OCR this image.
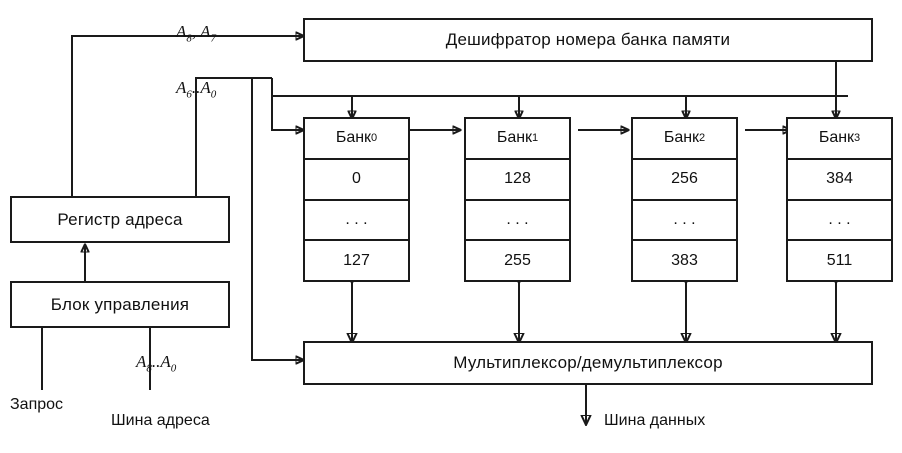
Дешифратор номера банка памяти
Регистр адреса
Блок управления
Мультиплексор/демультиплексор
Банк 0
0
. . .
127
Банк 1
128
. . .
255
Банк 2
256
. . .
383
Банк 3
384
. . .
511
$A_8$, $A_7$
$A_6..A_0$
$A_8..A_0$
Запрос
Шина адреса	Шина данных
